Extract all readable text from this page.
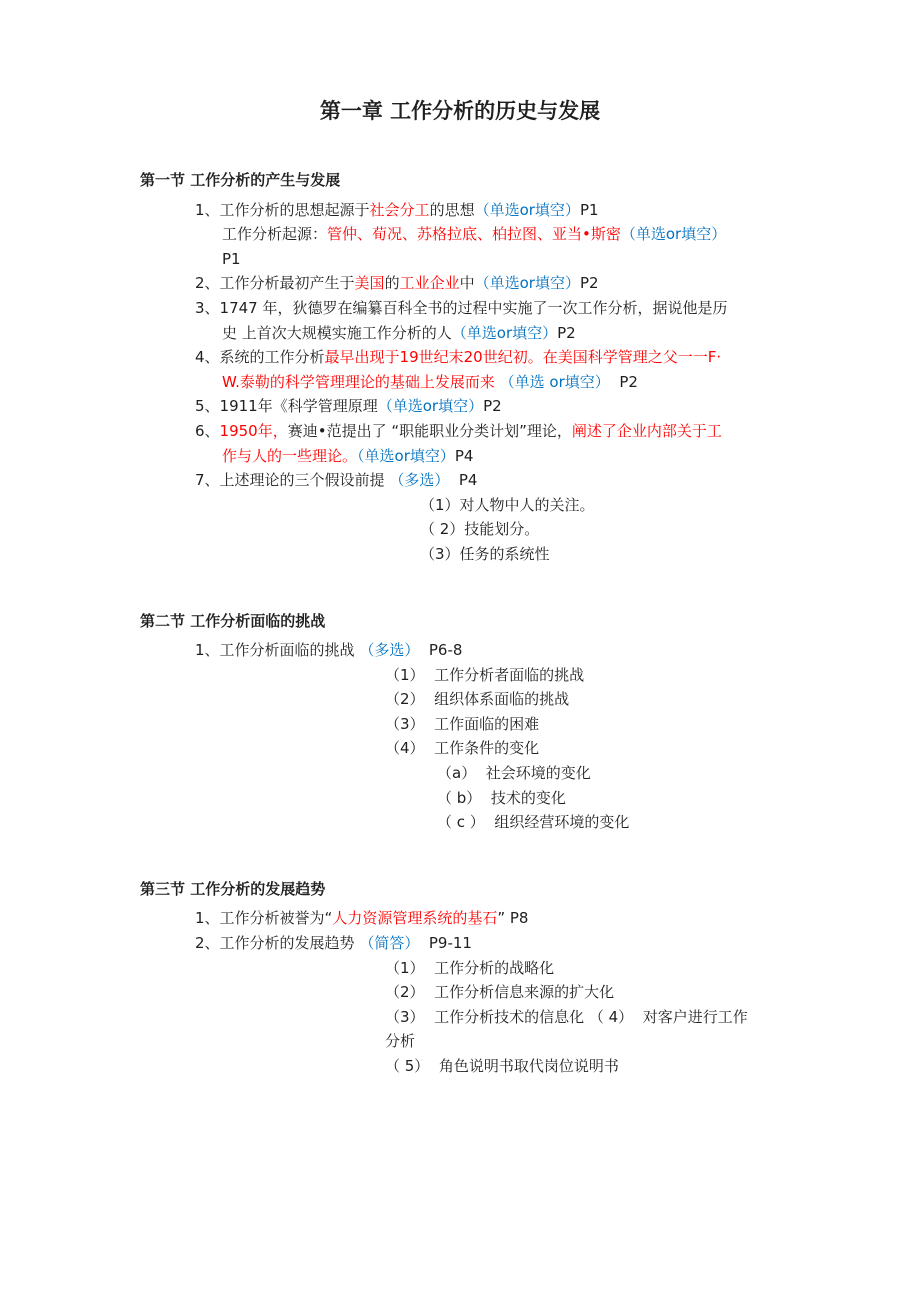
第一章 工作分析的历史与发展
第一节 工作分析的产生与发展
1、工作分析的思想起源于社会分工的思想（单选or填空）P1
工作分析起源：管仲、荀况、苏格拉底、柏拉图、亚当•斯密（单选or填空）
P1
2、工作分析最初产生于美国的工业企业中（单选or填空）P2
3、1747 年，狄德罗在编纂百科全书的过程中实施了一次工作分析，据说他是历
史 上首次大规模实施工作分析的人（单选or填空）P2
4、系统的工作分析最早出现于19世纪末20世纪初。在美国科学管理之父一一F·
W.泰勒的科学管理理论的基础上发展而来 （单选 or填空）  P2
5、1911年《科学管理原理（单选or填空）P2
6、1950年，赛迪•范提出了 “职能职业分类计划”理论，阐述了企业内部关于工
作与人的一些理论。（单选or填空）P4
7、上述理论的三个假设前提 （多选）  P4
（1）对人物中人的关注。
（ 2）技能划分。
（3）任务的系统性
第二节 工作分析面临的挑战
1、工作分析面临的挑战 （多选）  P6-8
（1）  工作分析者面临的挑战
（2）  组织体系面临的挑战
（3）  工作面临的困难
（4）  工作条件的变化
（a）  社会环境的变化
（ b）  技术的变化
（ c ）  组织经营环境的变化
第三节 工作分析的发展趋势
1、工作分析被誉为“人力资源管理系统的基石” P8
2、工作分析的发展趋势 （简答）  P9-11
（1）  工作分析的战略化
（2）  工作分析信息来源的扩大化
（3）  工作分析技术的信息化 （ 4）  对客户进行工作
分析
（ 5）  角色说明书取代岗位说明书
